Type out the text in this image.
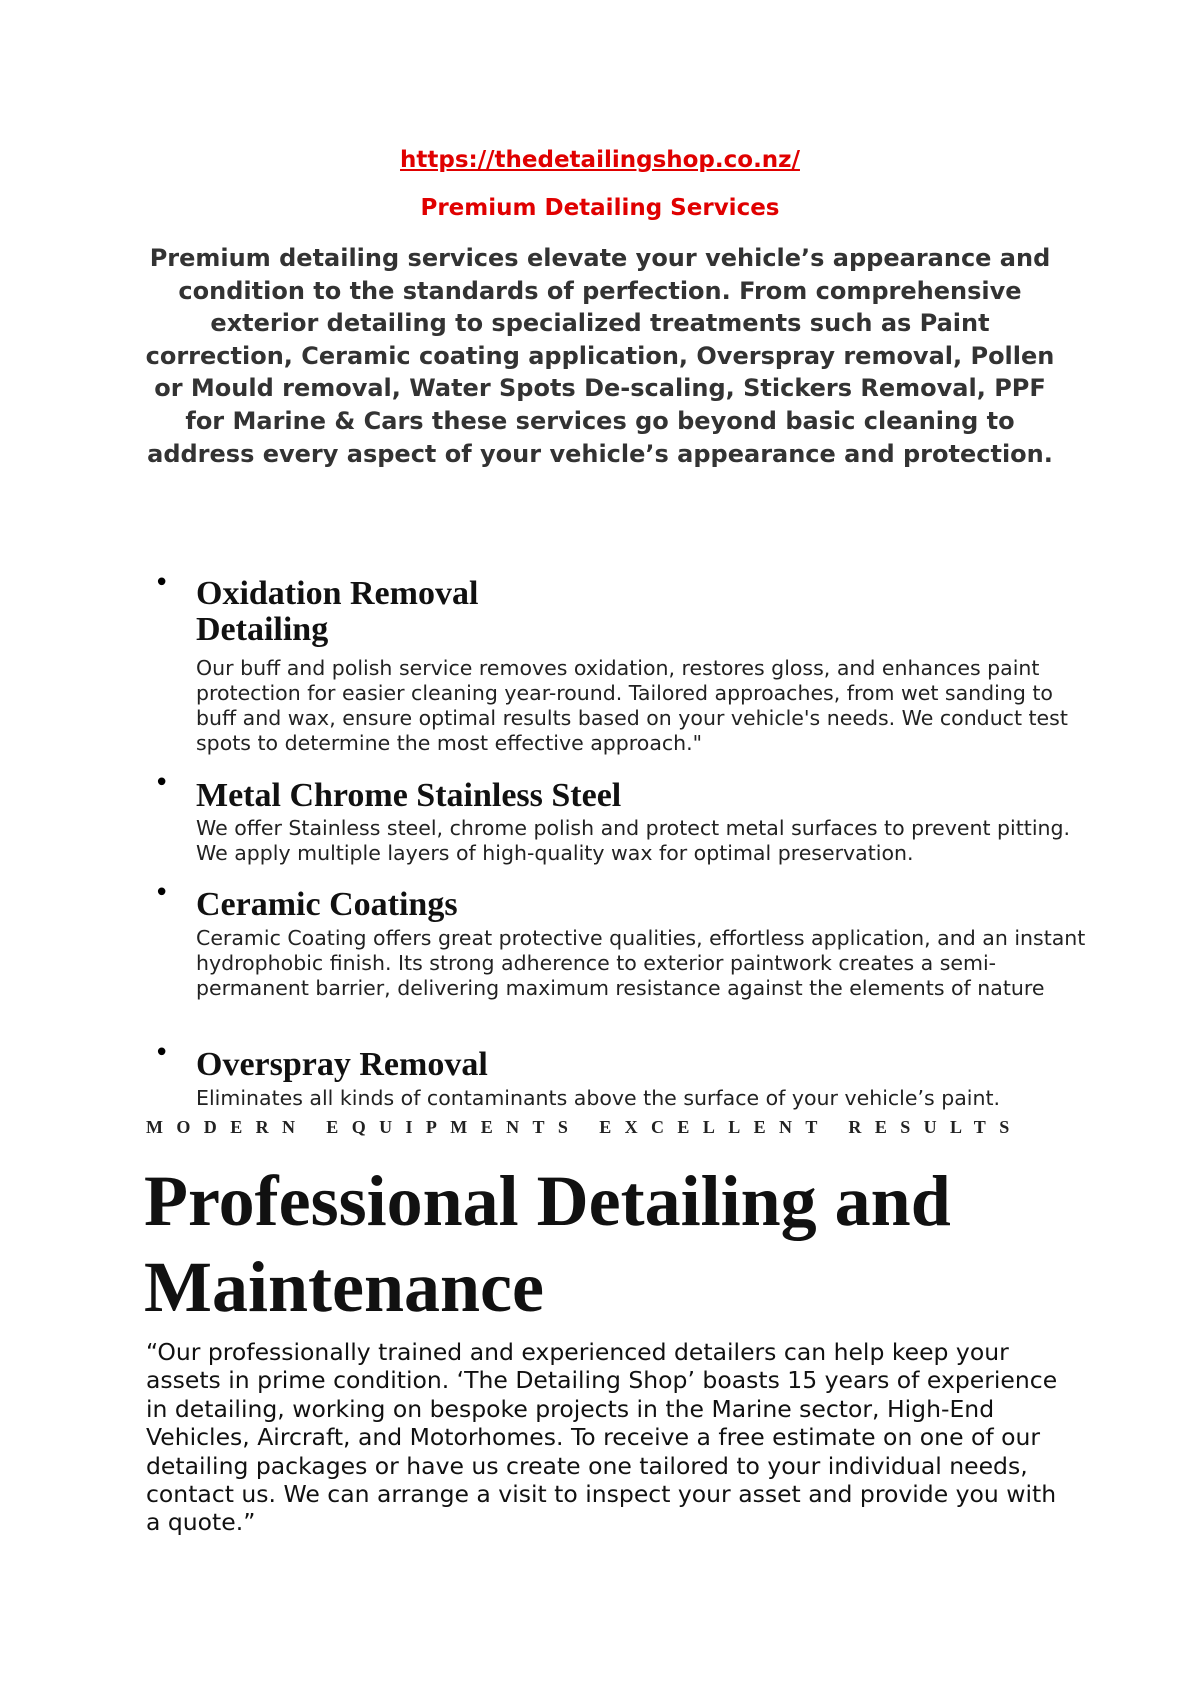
https://thedetailingshop.co.nz/
Premium Detailing Services
Premium detailing services elevate your vehicle’s appearance and condition to the standards of perfection. From comprehensive exterior detailing to specialized treatments such as Paint correction, Ceramic coating application, Overspray removal, Pollen or Mould removal, Water Spots De-scaling, Stickers Removal, PPF for Marine & Cars these services go beyond basic cleaning to address every aspect of your vehicle’s appearance and protection.
• Oxidation Removal Detailing
Our buff and polish service removes oxidation, restores gloss, and enhances paint protection for easier cleaning year-round. Tailored approaches, from wet sanding to buff and wax, ensure optimal results based on your vehicle's needs. We conduct test spots to determine the most effective approach."
• Metal Chrome Stainless Steel
We offer Stainless steel, chrome polish and protect metal surfaces to prevent pitting. We apply multiple layers of high-quality wax for optimal preservation.
• Ceramic Coatings
Ceramic Coating offers great protective qualities, effortless application, and an instant hydrophobic finish. Its strong adherence to exterior paintwork creates a semi-permanent barrier, delivering maximum resistance against the elements of nature
• Overspray Removal
Eliminates all kinds of contaminants above the surface of your vehicle’s paint.
MODERN EQUIPMENTS EXCELLENT RESULTS
Professional Detailing and Maintenance
“Our professionally trained and experienced detailers can help keep your assets in prime condition. ‘The Detailing Shop’ boasts 15 years of experience in detailing, working on bespoke projects in the Marine sector, High-End Vehicles, Aircraft, and Motorhomes. To receive a free estimate on one of our detailing packages or have us create one tailored to your individual needs, contact us. We can arrange a visit to inspect your asset and provide you with a quote.”
